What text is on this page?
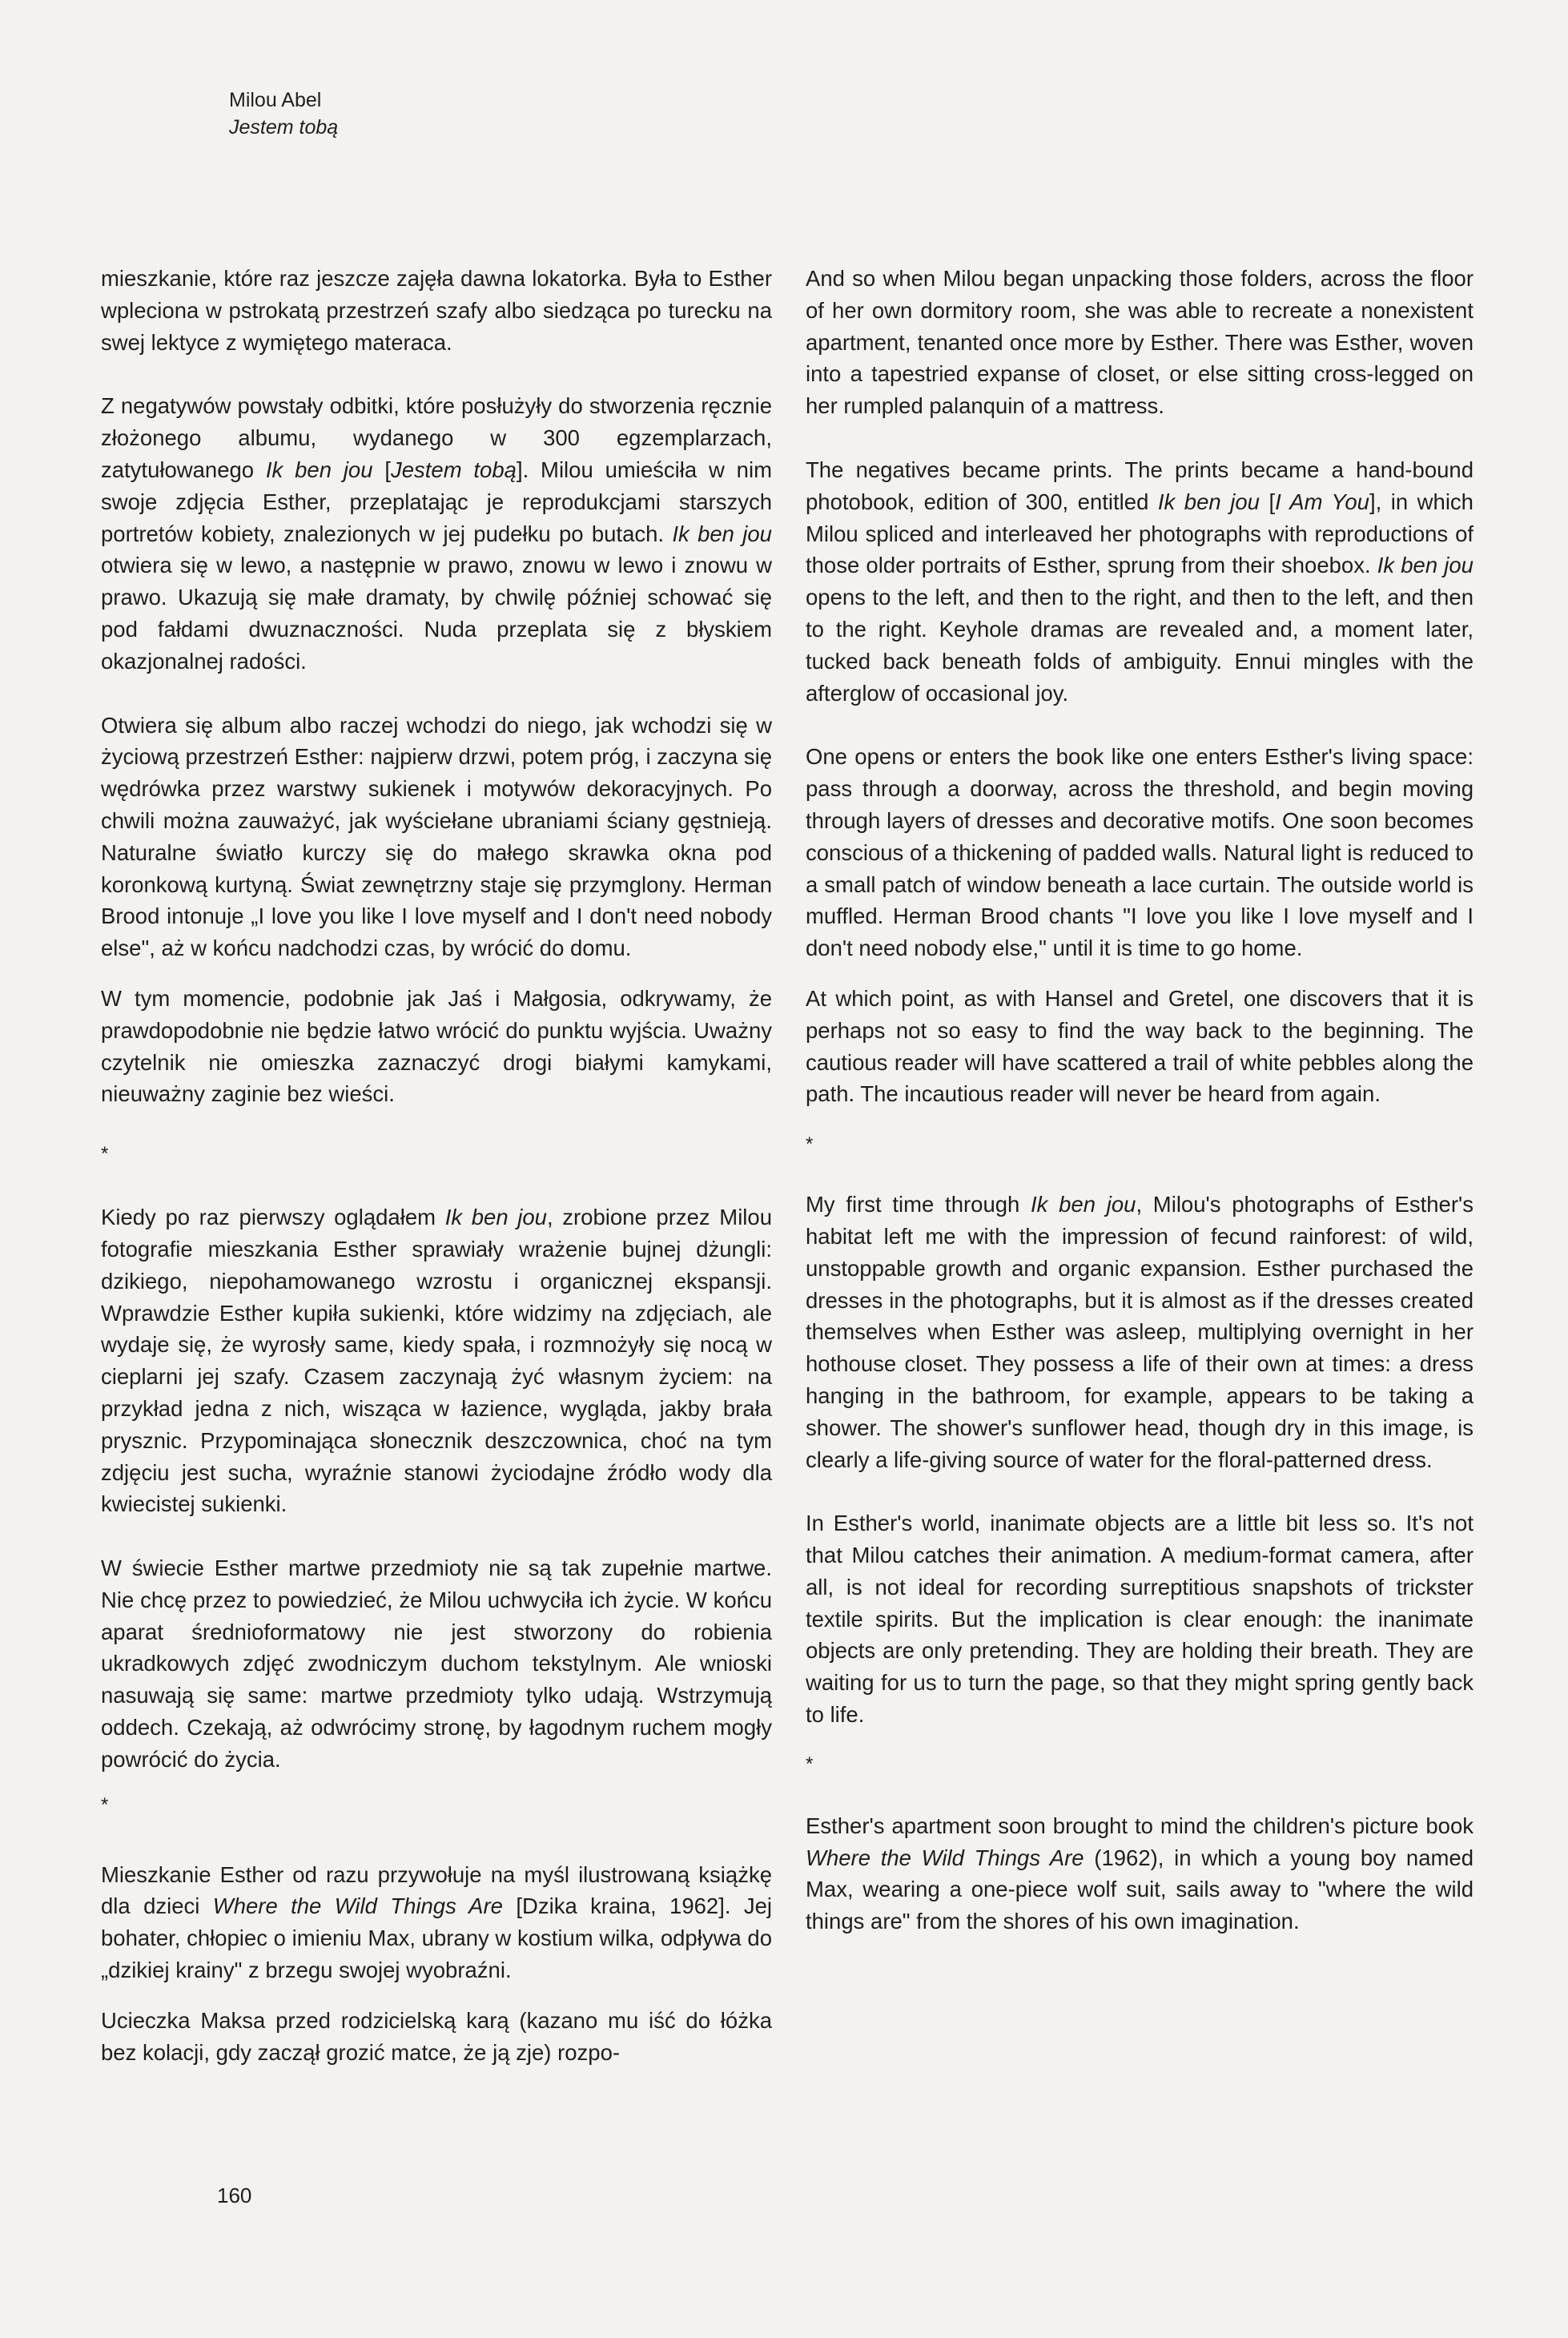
Milou Abel
Jestem tobą

mieszkanie, które raz jeszcze zajęła dawna lokatorka. Była to Esther wpleciona w pstrokatą przestrzeń szafy albo siedząca po turecku na swej lektyce z wymiętego materaca.

Z negatywów powstały odbitki, które posłużyły do stworzenia ręcznie złożonego albumu, wydanego w 300 egzemplarzach, zatytułowanego Ik ben jou [Jestem tobą]. Milou umieściła w nim swoje zdjęcia Esther, przeplatając je reprodukcjami starszych portretów kobiety, znalezionych w jej pudełku po butach. Ik ben jou otwiera się w lewo, a następnie w prawo, znowu w lewo i znowu w prawo. Ukazują się małe dramaty, by chwilę później schować się pod fałdami dwuznaczności. Nuda przeplata się z błyskiem okazjonalnej radości.

Otwiera się album albo raczej wchodzi do niego, jak wchodzi się w życiową przestrzeń Esther: najpierw drzwi, potem próg, i zaczyna się wędrówka przez warstwy sukienek i motywów dekoracyjnych. Po chwili można zauważyć, jak wyściełane ubraniami ściany gęstnieją. Naturalne światło kurczy się do małego skrawka okna pod koronkową kurtyną. Świat zewnętrzny staje się przymglony. Herman Brood intonuje „I love you like I love myself and I don't need nobody else", aż w końcu nadchodzi czas, by wrócić do domu.

W tym momencie, podobnie jak Jaś i Małgosia, odkrywamy, że prawdopodobnie nie będzie łatwo wrócić do punktu wyjścia. Uważny czytelnik nie omieszka zaznaczyć drogi białymi kamykami, nieuważny zaginie bez wieści.

*

Kiedy po raz pierwszy oglądałem Ik ben jou, zrobione przez Milou fotografie mieszkania Esther sprawiały wrażenie bujnej dżungli: dzikiego, niepohamowanego wzrostu i organicznej ekspansji. Wprawdzie Esther kupiła sukienki, które widzimy na zdjęciach, ale wydaje się, że wyrosły same, kiedy spała, i rozmnożyły się nocą w cieplarni jej szafy. Czasem zaczynają żyć własnym życiem: na przykład jedna z nich, wisząca w łazience, wygląda, jakby brała prysznic. Przypominająca słonecznik deszczownica, choć na tym zdjęciu jest sucha, wyraźnie stanowi życiodajne źródło wody dla kwiecistej sukienki.

W świecie Esther martwe przedmioty nie są tak zupełnie martwe. Nie chcę przez to powiedzieć, że Milou uchwyciła ich życie. W końcu aparat średnioformatowy nie jest stworzony do robienia ukradkowych zdjęć zwodniczym duchom tekstylnym. Ale wnioski nasuwają się same: martwe przedmioty tylko udają. Wstrzymują oddech. Czekają, aż odwrócimy stronę, by łagodnym ruchem mogły powrócić do życia.

*

Mieszkanie Esther od razu przywołuje na myśl ilustrowaną książkę dla dzieci Where the Wild Things Are [Dzika kraina, 1962]. Jej bohater, chłopiec o imieniu Max, ubrany w kostium wilka, odpływa do „dzikiej krainy" z brzegu swojej wyobraźni.

Ucieczka Maksa przed rodzicielską karą (kazano mu iść do łóżka bez kolacji, gdy zaczął grozić matce, że ją zje) rozpo-

And so when Milou began unpacking those folders, across the floor of her own dormitory room, she was able to recreate a nonexistent apartment, tenanted once more by Esther. There was Esther, woven into a tapestried expanse of closet, or else sitting cross-legged on her rumpled palanquin of a mattress.

The negatives became prints. The prints became a hand-bound photobook, edition of 300, entitled Ik ben jou [I Am You], in which Milou spliced and interleaved her photographs with reproductions of those older portraits of Esther, sprung from their shoebox. Ik ben jou opens to the left, and then to the right, and then to the left, and then to the right. Keyhole dramas are revealed and, a moment later, tucked back beneath folds of ambiguity. Ennui mingles with the afterglow of occasional joy.

One opens or enters the book like one enters Esther's living space: pass through a doorway, across the threshold, and begin moving through layers of dresses and decorative motifs. One soon becomes conscious of a thickening of padded walls. Natural light is reduced to a small patch of window beneath a lace curtain. The outside world is muffled. Herman Brood chants "I love you like I love myself and I don't need nobody else," until it is time to go home.

At which point, as with Hansel and Gretel, one discovers that it is perhaps not so easy to find the way back to the beginning. The cautious reader will have scattered a trail of white pebbles along the path. The incautious reader will never be heard from again.

*

My first time through Ik ben jou, Milou's photographs of Esther's habitat left me with the impression of fecund rainforest: of wild, unstoppable growth and organic expansion. Esther purchased the dresses in the photographs, but it is almost as if the dresses created themselves when Esther was asleep, multiplying overnight in her hothouse closet. They possess a life of their own at times: a dress hanging in the bathroom, for example, appears to be taking a shower. The shower's sunflower head, though dry in this image, is clearly a life-giving source of water for the floral-patterned dress.

In Esther's world, inanimate objects are a little bit less so. It's not that Milou catches their animation. A medium-format camera, after all, is not ideal for recording surreptitious snapshots of trickster textile spirits. But the implication is clear enough: the inanimate objects are only pretending. They are holding their breath. They are waiting for us to turn the page, so that they might spring gently back to life.

*

Esther's apartment soon brought to mind the children's picture book Where the Wild Things Are (1962), in which a young boy named Max, wearing a one-piece wolf suit, sails away to "where the wild things are" from the shores of his own imagination.

160
